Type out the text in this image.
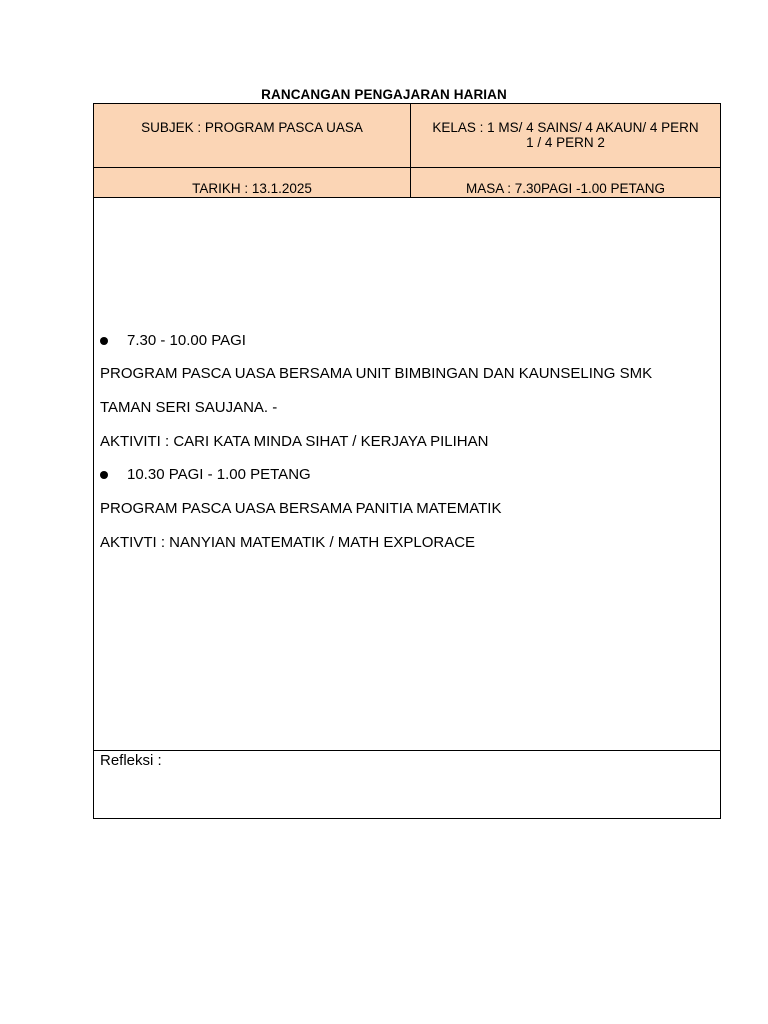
RANCANGAN PENGAJARAN HARIAN
SUBJEK : PROGRAM PASCA UASA	KELAS : 1 MS/ 4 SAINS/ 4 AKAUN/ 4 PERN
1 / 4 PERN 2
TARIKH : 13.1.2025	MASA : 7.30PAGI -1.00 PETANG
7.30 - 10.00 PAGI
PROGRAM PASCA UASA BERSAMA UNIT BIMBINGAN DAN KAUNSELING SMK
TAMAN SERI SAUJANA. -
AKTIVITI : CARI KATA MINDA SIHAT / KERJAYA PILIHAN
10.30 PAGI - 1.00 PETANG
PROGRAM PASCA UASA BERSAMA PANITIA MATEMATIK
AKTIVTI : NANYIAN MATEMATIK / MATH EXPLORACE
Refleksi :
